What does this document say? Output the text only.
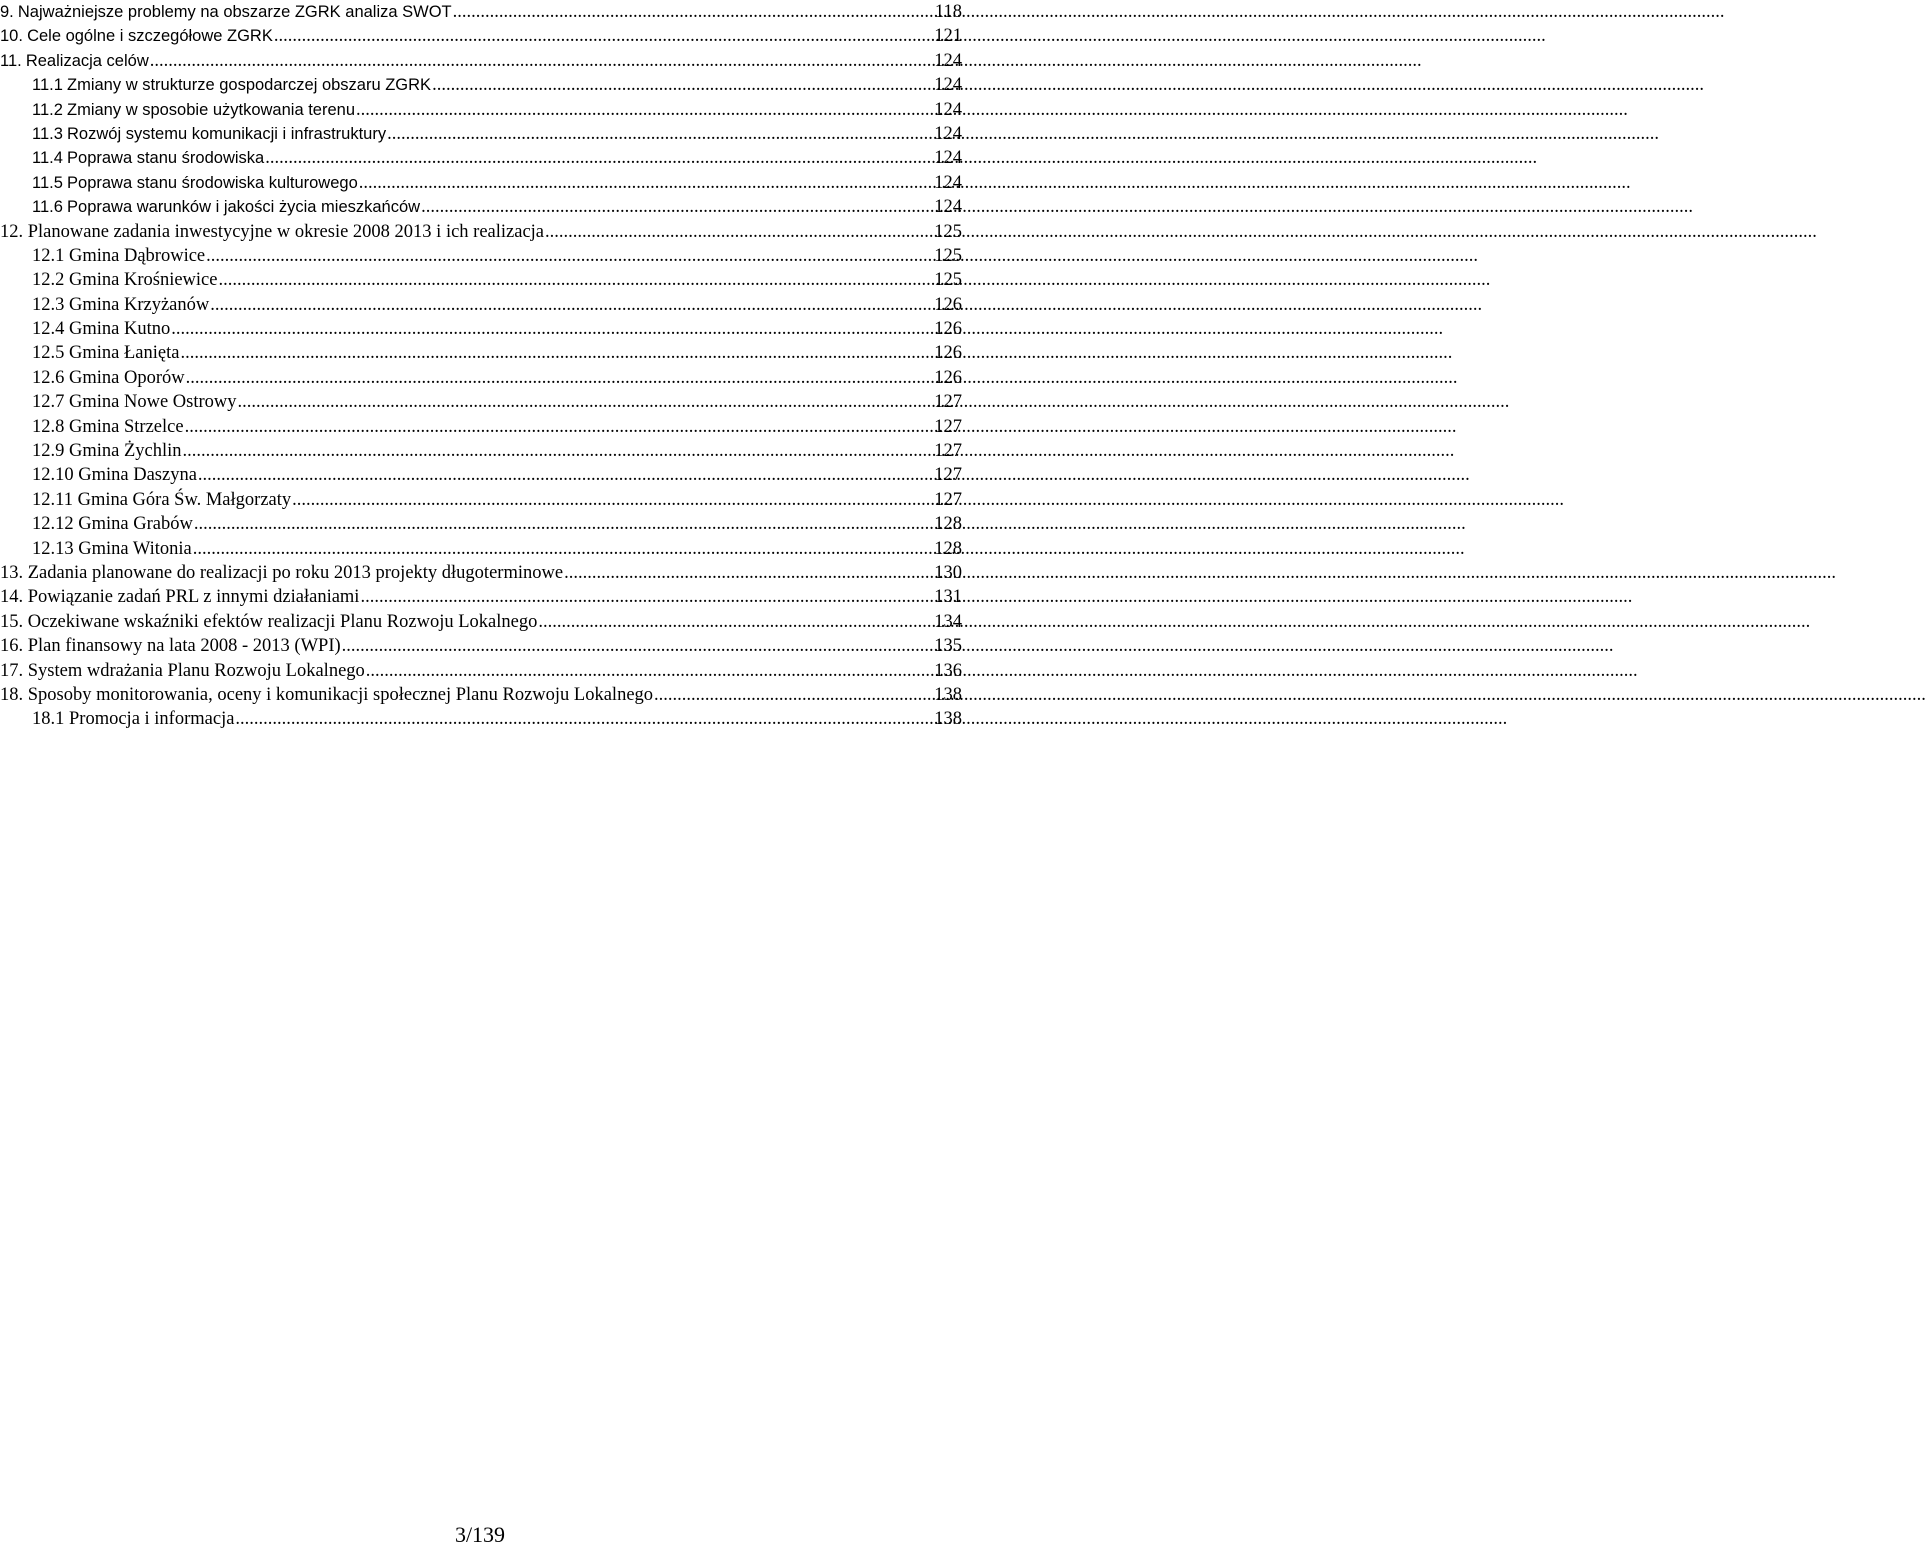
9. Najważniejsze problemy na obszarze ZGRK analiza SWOT .....	118
10. Cele ogólne i szczegółowe ZGRK .....	121
11. Realizacja celów .....	124
11.1 Zmiany w strukturze gospodarczej obszaru ZGRK .....	124
11.2 Zmiany w sposobie użytkowania terenu .....	124
11.3 Rozwój systemu komunikacji i infrastruktury .....	124
11.4 Poprawa stanu środowiska .....	124
11.5 Poprawa stanu środowiska kulturowego .....	124
11.6 Poprawa warunków i jakości życia mieszkańców .....	124
12. Planowane zadania inwestycyjne w okresie 2008 2013 i ich realizacja .....	125
12.1 Gmina Dąbrowice .....	125
12.2 Gmina Krośniewice .....	125
12.3 Gmina Krzyżanów .....	126
12.4 Gmina Kutno .....	126
12.5 Gmina Łanięta .....	126
12.6 Gmina Oporów .....	126
12.7 Gmina Nowe Ostrowy .....	127
12.8 Gmina Strzelce .....	127
12.9 Gmina Żychlin .....	127
12.10 Gmina Daszyna .....	127
12.11 Gmina Góra Św. Małgorzaty .....	127
12.12 Gmina Grabów .....	128
12.13 Gmina Witonia .....	128
13. Zadania planowane do realizacji po roku 2013 projekty długoterminowe .....	130
14. Powiązanie zadań PRL z innymi działaniami .....	131
15. Oczekiwane wskaźniki efektów realizacji Planu Rozwoju Lokalnego .....	134
16. Plan finansowy na lata 2008 - 2013 (WPI) .....	135
17. System wdrażania Planu Rozwoju Lokalnego .....	136
18. Sposoby monitorowania, oceny i komunikacji społecznej Planu Rozwoju Lokalnego .....	138
18.1 Promocja i informacja .....	138
3/139
